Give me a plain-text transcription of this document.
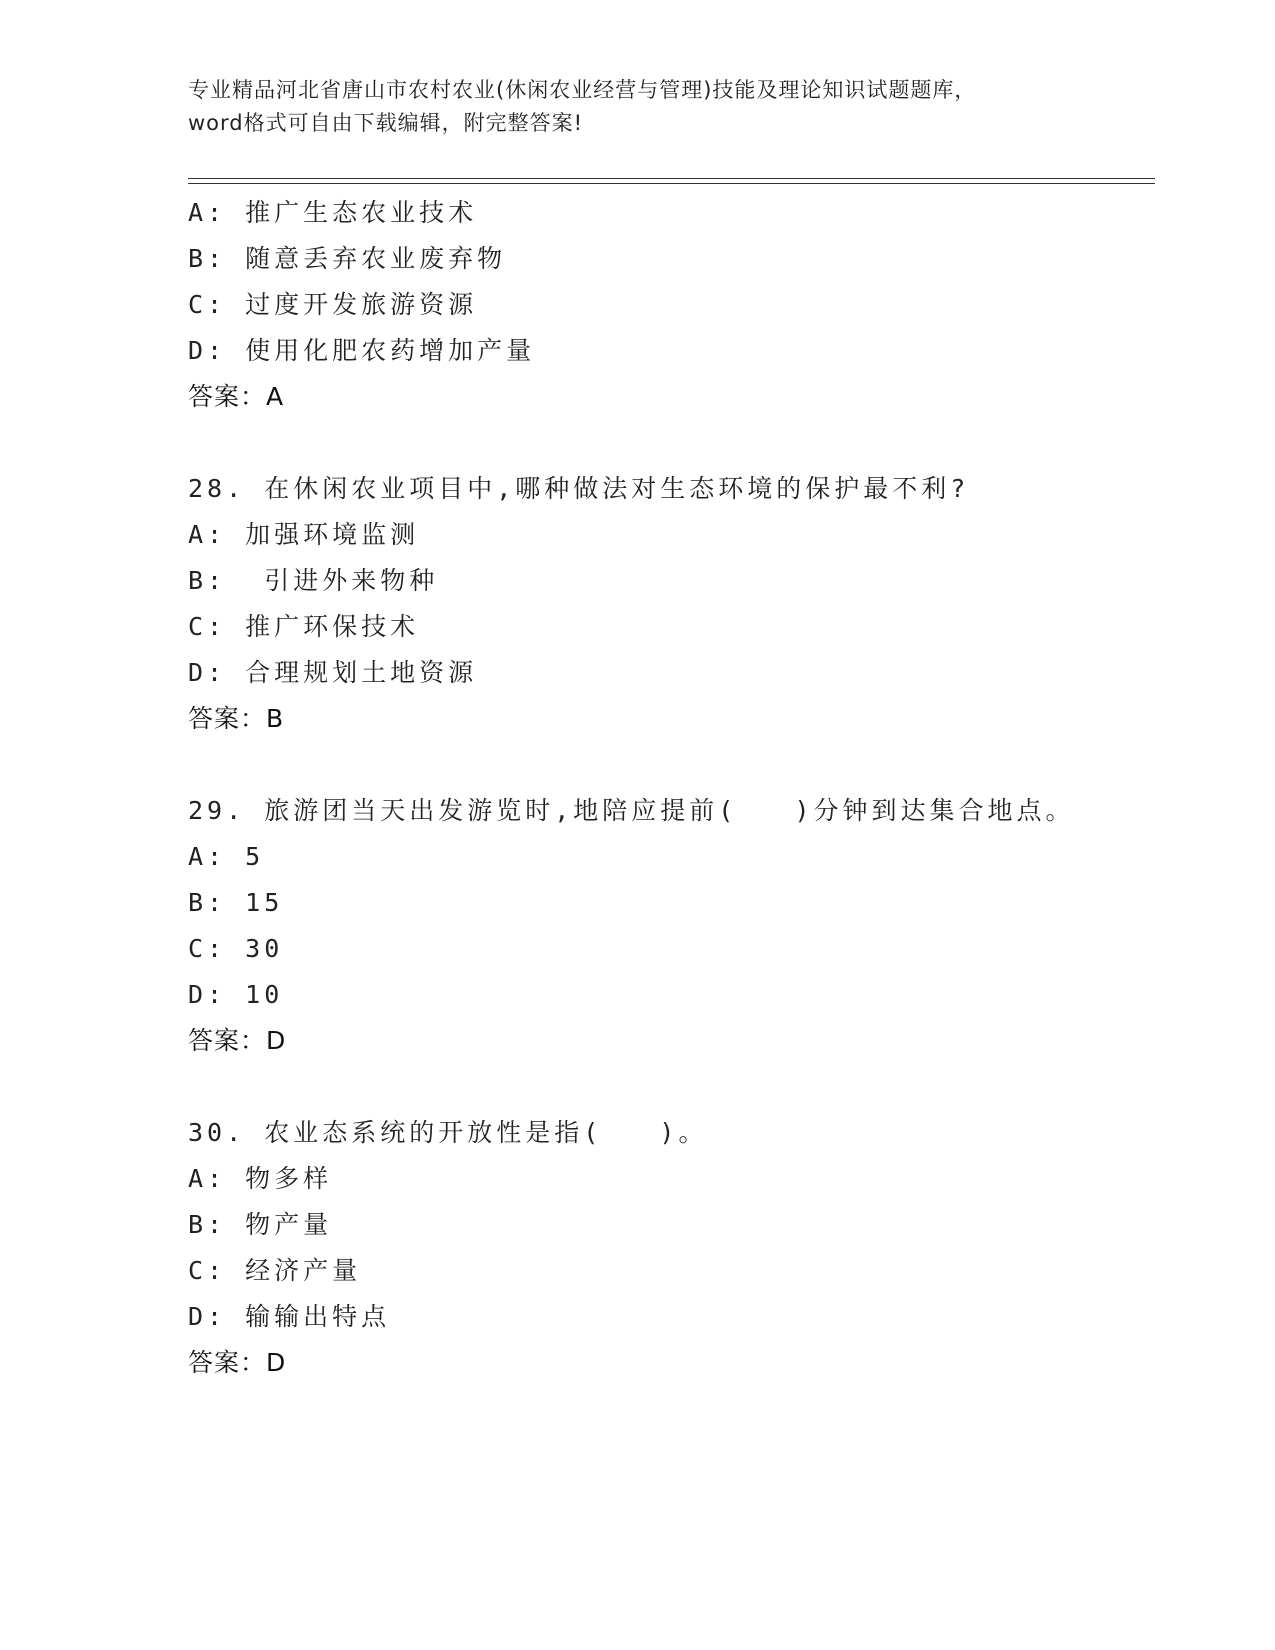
专业精品河北省唐山市农村农业(休闲农业经营与管理)技能及理论知识试题题库，
word格式可自由下载编辑，附完整答案!
A: 推广生态农业技术
B: 随意丢弃农业废弃物
C: 过度开发旅游资源
D: 使用化肥农药增加产量
答案：A
28. 在休闲农业项目中,哪种做法对生态环境的保护最不利?
A: 加强环境监测
B:  引进外来物种
C: 推广环保技术
D: 合理规划土地资源
答案：B
29. 旅游团当天出发游览时,地陪应提前(   )分钟到达集合地点。
A: 5
B: 15
C: 30
D: 10
答案：D
30. 农业态系统的开放性是指(   )。
A: 物多样
B: 物产量
C: 经济产量
D: 输输出特点
答案：D
